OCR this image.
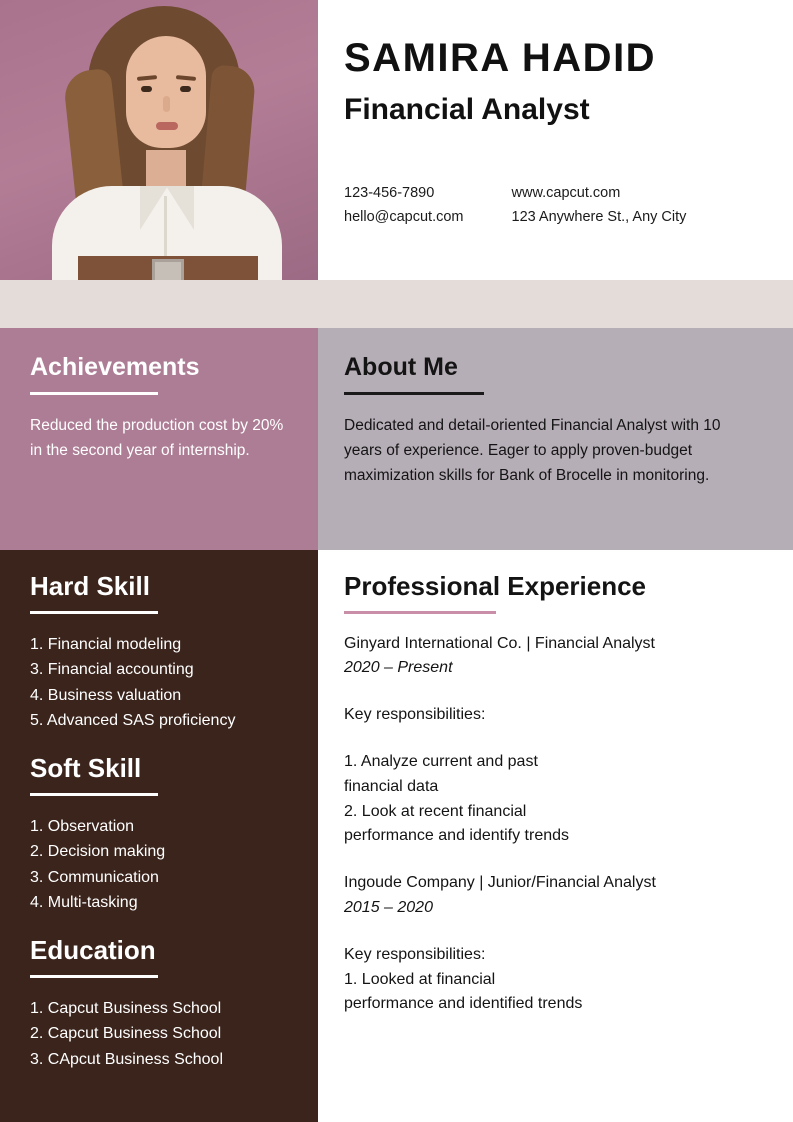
SAMIRA HADID
Financial Analyst
123-456-7890
hello@capcut.com
www.capcut.com
123 Anywhere St., Any City
Achievements
Reduced the production cost by 20% in the second year of internship.
About Me
Dedicated and detail-oriented Financial Analyst with 10 years of experience. Eager to apply proven-budget maximization skills for Bank of Brocelle in monitoring.
Hard Skill
1. Financial modeling
3. Financial accounting
4. Business valuation
5. Advanced SAS proficiency
Soft Skill
1. Observation
2. Decision making
3. Communication
4. Multi-tasking
Education
1. Capcut Business School
2. Capcut Business School
3. CApcut Business School
Professional Experience
Ginyard International Co. | Financial Analyst
2020 – Present
Key responsibilities:
1. Analyze current and past
financial data
2. Look at recent financial
performance and identify trends
Ingoude Company | Junior/Financial Analyst
2015 – 2020
Key responsibilities:
1. Looked at financial
performance and identified trends
